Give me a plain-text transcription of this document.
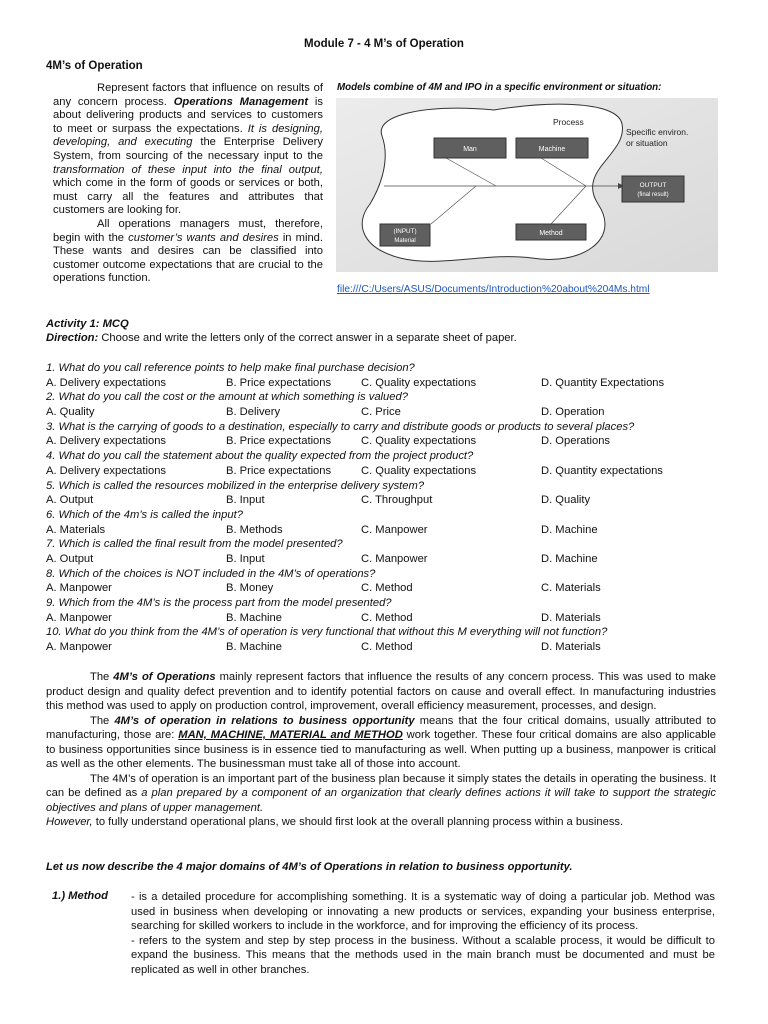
Module 7 - 4 M’s of Operation
4M’s of Operation

Represent factors that influence on results of any concern process. Operations Management is about delivering products and services to customers to meet or surpass the expectations. It is designing, developing, and executing the Enterprise Delivery System, from sourcing of the necessary input to the transformation of these input into the final output, which come in the form of goods or services or both, must carry all the features and attributes that customers are looking for.

All operations managers must, therefore, begin with the customer’s wants and desires in mind. These wants and desires can be classified into customer outcome expectations that are crucial to the operations function.

Models combine of 4M and IPO in a specific environment or situation:
Process
Specific environ.
or situation
Man	Machine
OUTPUT
(final result)
(INPUT)
Material
Method
file:///C:/Users/ASUS/Documents/Introduction%20about%204Ms.html
Activity 1: MCQ
Direction: Choose and write the letters only of the correct answer in a separate sheet of paper.
1. What do you call reference points to help make final purchase decision?
A. Delivery expectations	B. Price expectations	C. Quality expectations	D. Quantity Expectations
2. What do you call the cost or the amount at which something is valued?
A. Quality	B. Delivery	C. Price	D. Operation
3. What is the carrying of goods to a destination, especially to carry and distribute goods or products to several places?
A. Delivery expectations	B. Price expectations	C. Quality expectations	D. Operations
4. What do you call the statement about the quality expected from the project product?
A. Delivery expectations	B. Price expectations	C. Quality expectations	D. Quantity expectations
5. Which is called the resources mobilized in the enterprise delivery system?
A. Output	B. Input	C. Throughput	D. Quality
6. Which of the 4m’s is called the input?
A. Materials	B. Methods	C. Manpower	D. Machine
7. Which is called the final result from the model presented?
A. Output	B. Input	C. Manpower	D. Machine
8. Which of the choices is NOT included in the 4M’s of operations?
A. Manpower	B. Money	C. Method	C. Materials
9. Which from the 4M’s is the process part from the model presented?
A. Manpower	B. Machine	C. Method	D. Materials
10. What do you think from the 4M’s of operation is very functional that without this M everything will not function?
A. Manpower	B. Machine	C. Method	D. Materials

The 4M’s of Operations mainly represent factors that influence the results of any concern process. This was used to make product design and quality defect prevention and to identify potential factors on cause and overall effect. In manufacturing industries this method was used to apply on production control, improvement, overall efficiency measurement, processes, and design.

The 4M’s of operation in relations to business opportunity means that the four critical domains, usually attributed to manufacturing, those are: MAN, MACHINE, MATERIAL and METHOD work together. These four critical domains are also applicable to business opportunities since business is in essence tied to manufacturing as well. When putting up a business, manpower is critical as well as the other elements. The businessman must take all of those into account.

The 4M’s of operation is an important part of the business plan because it simply states the details in operating the business. It can be defined as a plan prepared by a component of an organization that clearly defines actions it will take to support the strategic objectives and plans of upper management.

However, to fully understand operational plans, we should first look at the overall planning process within a business.

Let us now describe the 4 major domains of 4M’s of Operations in relation to business opportunity.
1.) Method - is a detailed procedure for accomplishing something. It is a systematic way of doing a particular job. Method was used in business when developing or innovating a new products or services, expanding your business enterprise, searching for skilled workers to include in the workforce, and for improving the efficiency of its process.

- refers to the system and step by step process in the business. Without a scalable process, it would be difficult to expand the business. This means that the methods used in the main branch must be documented and must be replicated as well in other branches.
